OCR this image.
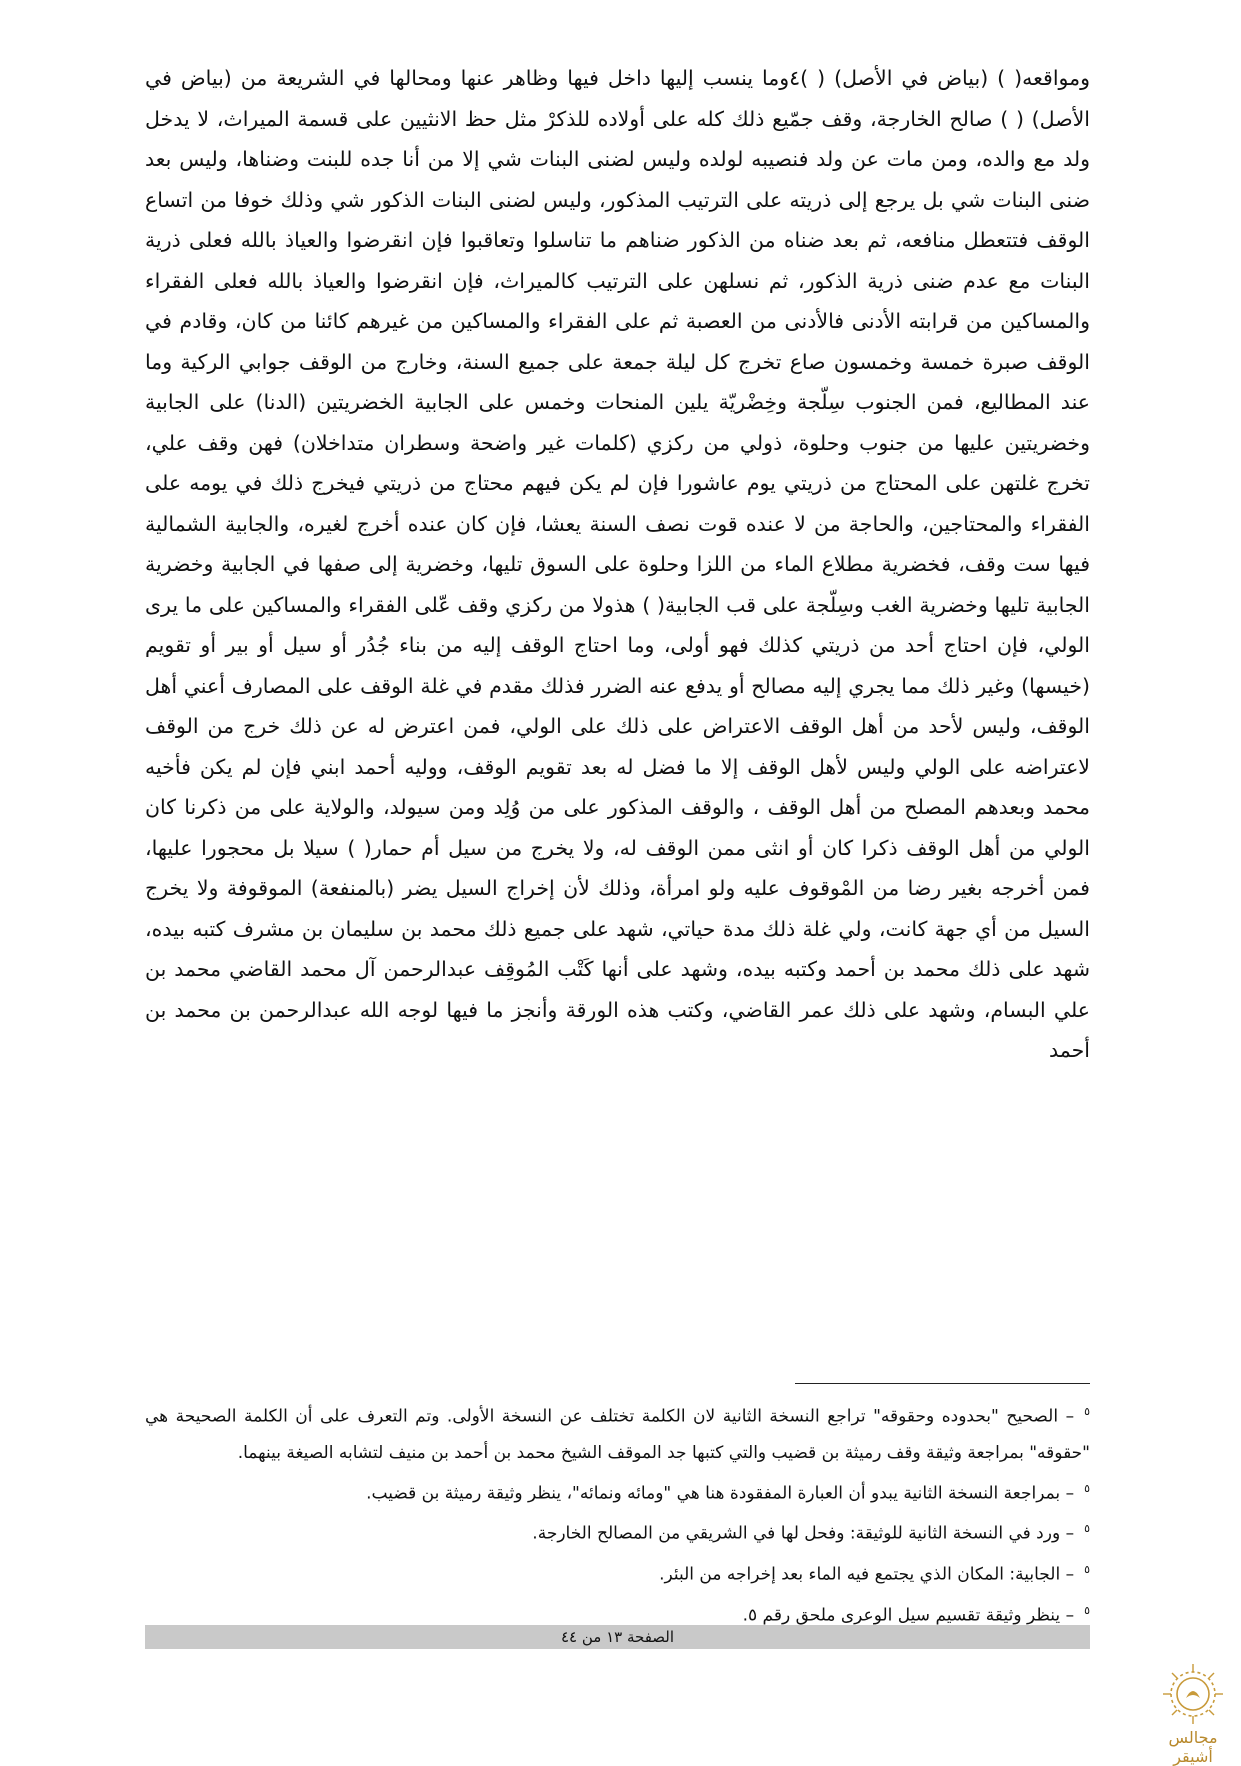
ومواقعه( ) (بياض في الأصل) ( )٤وما ينسب إليها داخل فيها وظاهر عنها ومحالها في الشريعة من (بياض في الأصل) ( ) صالح الخارجة، وقف جمّيع ذلك كله على أولاده للذكرْ مثل حظ الانثيين على قسمة الميراث، لا يدخل ولد مع والده، ومن مات عن ولد فنصيبه لولده وليس لضنى البنات شي إلا من أنا جده للبنت وضناها، وليس بعد ضنى البنات شي بل يرجع إلى ذريته على الترتيب المذكور، وليس لضنى البنات الذكور شي وذلك خوفا من اتساع الوقف فتتعطل منافعه، ثم بعد ضناه من الذكور ضناهم ما تناسلوا وتعاقبوا فإن انقرضوا والعياذ بالله فعلى ذرية البنات مع عدم ضنى ذرية الذكور، ثم نسلهن على الترتيب كالميراث، فإن انقرضوا والعياذ بالله فعلى الفقراء والمساكين من قرابته الأدنى فالأدنى من العصبة ثم على الفقراء والمساكين من غيرهم كائنا من كان، وقادم في الوقف صبرة خمسة وخمسون صاع تخرج كل ليلة جمعة على جميع السنة، وخارج من الوقف جوابي الركية وما عند المطاليع، فمن الجنوب سِلّجة وخِضْريّة يلين المنحات وخمس على الجابية الخضريتين (الدنا) على الجابية وخضريتين عليها من جنوب وحلوة، ذولي من ركزي (كلمات غير واضحة وسطران متداخلان) فهن وقف علي، تخرج غلتهن على المحتاج من ذريتي يوم عاشورا فإن لم يكن فيهم محتاج من ذريتي فيخرج ذلك في يومه على الفقراء والمحتاجين، والحاجة من لا عنده قوت نصف السنة يعشا، فإن كان عنده أخرج لغيره، والجابية الشمالية فيها ست وقف، فخضرية مطلاع الماء من اللزا وحلوة على السوق تليها، وخضرية إلى صفها في الجابية وخضرية الجابية تليها وخضرية الغب وسِلّجة على قب الجابية( ) هذولا من ركزي وقف عّلى الفقراء والمساكين على ما يرى الولي، فإن احتاج أحد من ذريتي كذلك فهو أولى، وما احتاج الوقف إليه من بناء جُدُر أو سيل أو بير أو تقويم (خيسها) وغير ذلك مما يجري إليه مصالح أو يدفع عنه الضرر فذلك مقدم في غلة الوقف على المصارف أعني أهل الوقف، وليس لأحد من أهل الوقف الاعتراض على ذلك على الولي، فمن اعترض له عن ذلك خرج من الوقف لاعتراضه على الولي وليس لأهل الوقف إلا ما فضل له بعد تقويم الوقف، ووليه أحمد ابني فإن لم يكن فأخيه محمد وبعدهم المصلح من أهل الوقف ، والوقف المذكور على من وُلِد ومن سيولد، والولاية على من ذكرنا كان الولي من أهل الوقف ذكرا كان أو انثى ممن الوقف له، ولا يخرج من سيل أم حمار( ) سيلا بل محجورا عليها، فمن أخرجه بغير رضا من المْوقوف عليه ولو امرأة، وذلك لأن إخراج السيل يضر (بالمنفعة) الموقوفة ولا يخرج السيل من أي جهة كانت، ولي غلة ذلك مدة حياتي، شهد على جميع ذلك محمد بن سليمان بن مشرف كتبه بيده، شهد على ذلك محمد بن أحمد وكتبه بيده، وشهد على أنها كَتْب المُوقِف عبدالرحمن آل محمد القاضي محمد بن علي البسام، وشهد على ذلك عمر القاضي، وكتب هذه الورقة وأنجز ما فيها لوجه الله عبدالرحمن بن محمد بن أحمد

$^٥$– الصحيح "بحدوده وحقوقه" تراجع النسخة الثانية لان الكلمة تختلف عن النسخة الأولى. وتم التعرف على أن الكلمة الصحيحة هي "حقوقه" بمراجعة وثيقة وقف رميثة بن قضيب والتي كتبها جد الموقف الشيخ محمد بن أحمد بن منيف لتشابه الصيغة بينهما.
$^٥$– بمراجعة النسخة الثانية يبدو أن العبارة المفقودة هنا هي "ومائه ونمائه"، ينظر وثيقة رميثة بن قضيب.
$^٥$– ورد في النسخة الثانية للوثيقة: وفحل لها في الشريقي من المصالح الخارجة.
$^٥$– الجابية: المكان الذي يجتمع فيه الماء بعد إخراجه من البئر.
$^٥$– ينظر وثيقة تقسيم سيل الوعرى ملحق رقم ٥.
الصفحة ١٣ من ٤٤
مجالس أشيقر
